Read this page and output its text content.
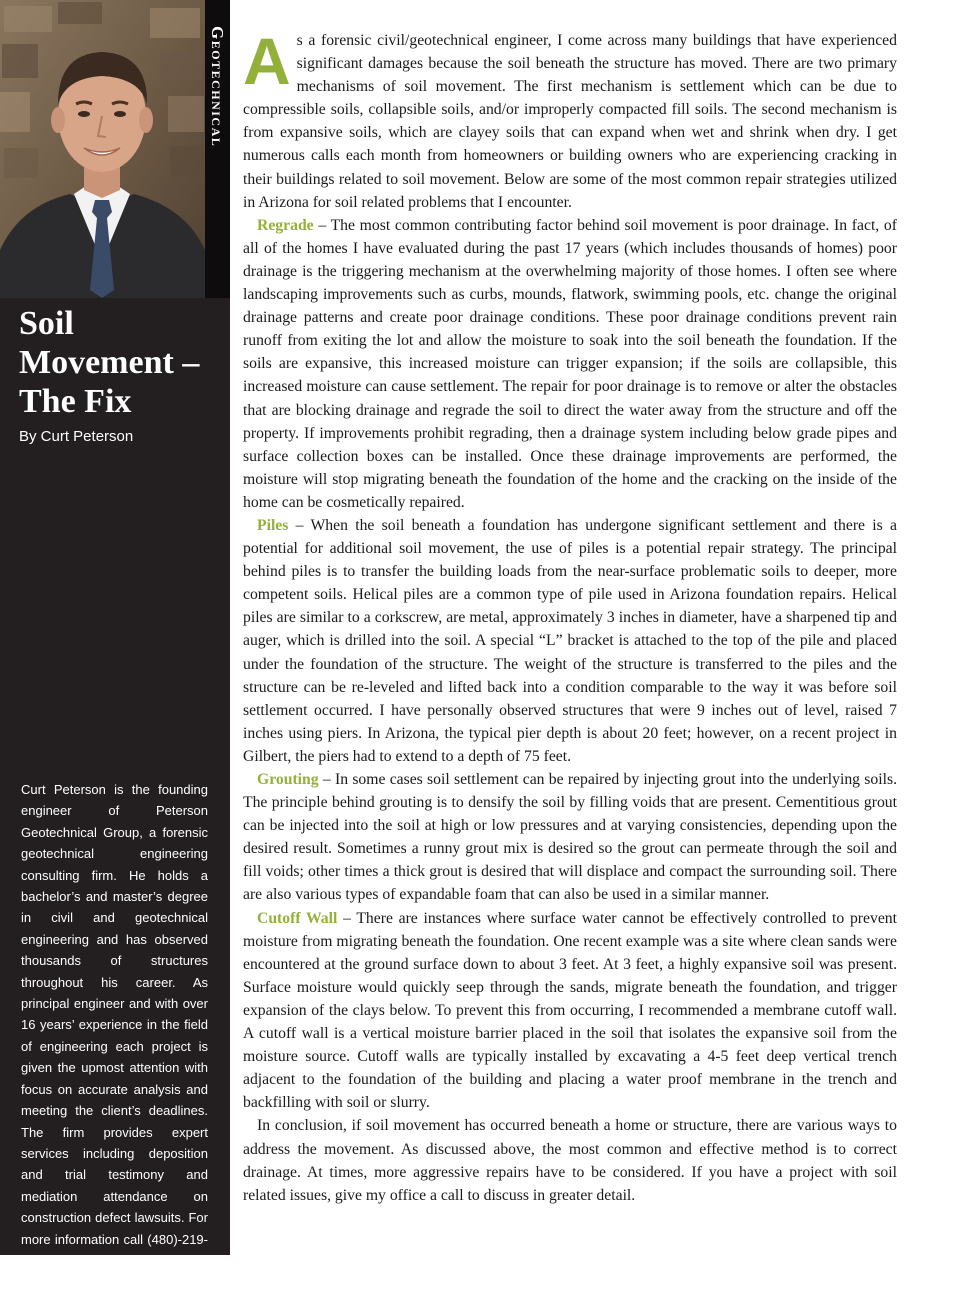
Geotechnical
Soil
Movement –
The Fix
By Curt Peterson

Curt Peterson is the founding engineer of Peterson Geotechnical Group, a forensic geotechnical engineering consulting firm. He holds a bachelor’s and master’s degree in civil and geotechnical engineering and has observed thousands of structures throughout his career. As principal engineer and with over 16 years’ experience in the field of engineering each project is given the upmost attention with focus on accurate analysis and meeting the client’s deadlines. The firm provides expert services including deposition and trial testimony and mediation attendance on construction defect lawsuits. For more information call (480)-219-0014 or visit the website, www.pgg-eng.com

As a forensic civil/geotechnical engineer, I come across many buildings that have experienced significant damages because the soil beneath the structure has moved. There are two primary mechanisms of soil movement. The first mechanism is settlement which can be due to compressible soils, collapsible soils, and/or improperly compacted fill soils. The second mechanism is from expansive soils, which are clayey soils that can expand when wet and shrink when dry. I get numerous calls each month from homeowners or building owners who are experiencing cracking in their buildings related to soil movement. Below are some of the most common repair strategies utilized in Arizona for soil related problems that I encounter.

Regrade – The most common contributing factor behind soil movement is poor drainage. In fact, of all of the homes I have evaluated during the past 17 years (which includes thousands of homes) poor drainage is the triggering mechanism at the overwhelming majority of those homes. I often see where landscaping improvements such as curbs, mounds, flatwork, swimming pools, etc. change the original drainage patterns and create poor drainage conditions. These poor drainage conditions prevent rain runoff from exiting the lot and allow the moisture to soak into the soil beneath the foundation. If the soils are expansive, this increased moisture can trigger expansion; if the soils are collapsible, this increased moisture can cause settlement. The repair for poor drainage is to remove or alter the obstacles that are blocking drainage and regrade the soil to direct the water away from the structure and off the property. If improvements prohibit regrading, then a drainage system including below grade pipes and surface collection boxes can be installed. Once these drainage improvements are performed, the moisture will stop migrating beneath the foundation of the home and the cracking on the inside of the home can be cosmetically repaired.

Piles – When the soil beneath a foundation has undergone significant settlement and there is a potential for additional soil movement, the use of piles is a potential repair strategy. The principal behind piles is to transfer the building loads from the near-surface problematic soils to deeper, more competent soils. Helical piles are a common type of pile used in Arizona foundation repairs. Helical piles are similar to a corkscrew, are metal, approximately 3 inches in diameter, have a sharpened tip and auger, which is drilled into the soil. A special “L” bracket is attached to the top of the pile and placed under the foundation of the structure. The weight of the structure is transferred to the piles and the structure can be re-leveled and lifted back into a condition comparable to the way it was before soil settlement occurred. I have personally observed structures that were 9 inches out of level, raised 7 inches using piers. In Arizona, the typical pier depth is about 20 feet; however, on a recent project in Gilbert, the piers had to extend to a depth of 75 feet.

Grouting – In some cases soil settlement can be repaired by injecting grout into the underlying soils. The principle behind grouting is to densify the soil by filling voids that are present. Cementitious grout can be injected into the soil at high or low pressures and at varying consistencies, depending upon the desired result. Sometimes a runny grout mix is desired so the grout can permeate through the soil and fill voids; other times a thick grout is desired that will displace and compact the surrounding soil. There are also various types of expandable foam that can also be used in a similar manner.

Cutoff Wall – There are instances where surface water cannot be effectively controlled to prevent moisture from migrating beneath the foundation. One recent example was a site where clean sands were encountered at the ground surface down to about 3 feet. At 3 feet, a highly expansive soil was present. Surface moisture would quickly seep through the sands, migrate beneath the foundation, and trigger expansion of the clays below. To prevent this from occurring, I recommended a membrane cutoff wall. A cutoff wall is a vertical moisture barrier placed in the soil that isolates the expansive soil from the moisture source. Cutoff walls are typically installed by excavating a 4-5 feet deep vertical trench adjacent to the foundation of the building and placing a water proof membrane in the trench and backfilling with soil or slurry.

In conclusion, if soil movement has occurred beneath a home or structure, there are various ways to address the movement. As discussed above, the most common and effective method is to correct drainage. At times, more aggressive repairs have to be considered. If you have a project with soil related issues, give my office a call to discuss in greater detail.
